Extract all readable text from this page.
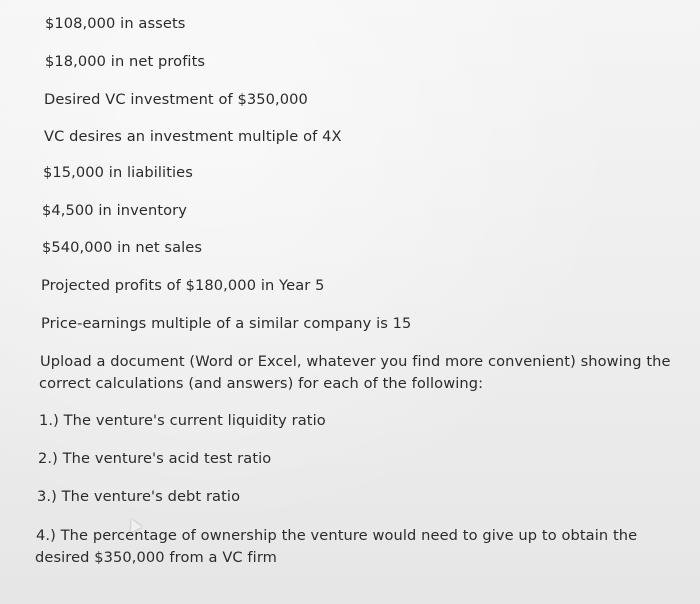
$108,000 in assets
$18,000 in net profits
Desired VC investment of $350,000
VC desires an investment multiple of 4X
$15,000 in liabilities
$4,500 in inventory
$540,000 in net sales
Projected profits of $180,000 in Year 5
Price-earnings multiple of a similar company is 15
Upload a document (Word or Excel, whatever you find more convenient) showing the
correct calculations (and answers) for each of the following:
1.) The venture's current liquidity ratio
2.) The venture's acid test ratio
3.) The venture's debt ratio
4.) The percentage of ownership the venture would need to give up to obtain the
desired $350,000 from a VC firm
